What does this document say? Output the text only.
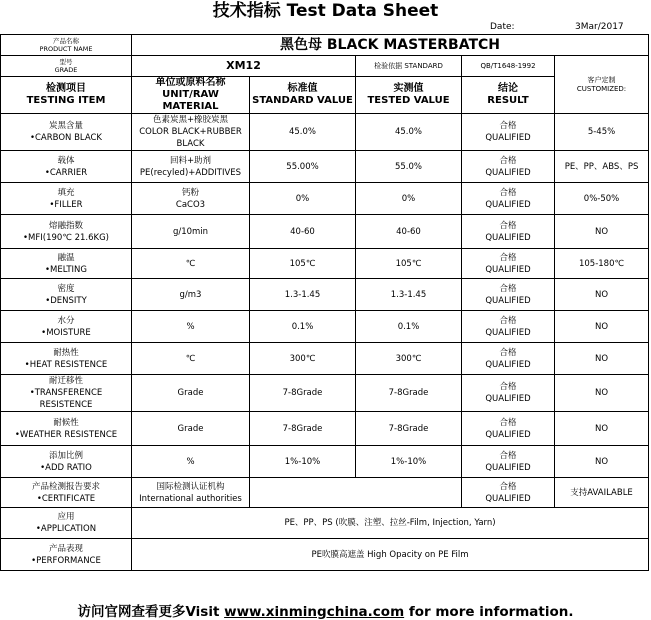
技术指标 Test Data Sheet
Date:	3Mar/2017
产品名称
PRODUCT NAME	黑色母 BLACK MASTERBATCH				

型号
GRADE	XM12		检验依据 STANDARD	QB/T1648-1992	客户定制
CUSTOMIZED:

检测项目
TESTING ITEM	单位或原料名称
UNIT/RAW MATERIAL	标准值
STANDARD VALUE	实测值
TESTED VALUE	结论
RESULT	

炭黑含量
• CARBON BLACK	色素炭黑+橡胶炭黑
COLOR BLACK+RUBBER BLACK	45.0%	45.0%	合格
QUALIFIED	5-45%

载体
• CARRIER	回料+助剂
PE(recyled)+ADDITIVES	55.00%	55.0%	合格
QUALIFIED	PE、PP、ABS、PS

填充
• FILLER	钙粉
CaCO3	0%	0%	合格
QUALIFIED	0%-50%

熔融指数
• MFI(190℃ 21.6KG)	g/10min	40-60	40-60	合格
QUALIFIED	NO

融温
• MELTING	℃	105℃	105℃	合格
QUALIFIED	105-180℃

密度
• DENSITY	g/m3	1.3-1.45	1.3-1.45	合格
QUALIFIED	NO

水分
• MOISTURE	%	0.1%	0.1%	合格
QUALIFIED	NO

耐热性
• HEAT RESISTENCE	℃	300℃	300℃	合格
QUALIFIED	NO

耐迁移性
• TRANSFERENCE RESISTENCE	Grade	7-8Grade	7-8Grade	合格
QUALIFIED	NO

耐候性
• WEATHER RESISTENCE	Grade	7-8Grade	7-8Grade	合格
QUALIFIED	NO

添加比例
• ADD RATIO	%	1%-10%	1%-10%	合格
QUALIFIED	NO

产品检测报告要求
• CERTIFICATE	国际检测认证机构
International authorities			合格
QUALIFIED	支持AVAILABLE

应用
• APPLICATION	PE、PP、PS (吹膜、注塑、拉丝-Film, Injection, Yarn)				

产品表现
• PERFORMANCE	PE吹膜高遮盖 High Opacity on PE Film				
访问官网查看更多Visit www.xinmingchina.com for more information.
